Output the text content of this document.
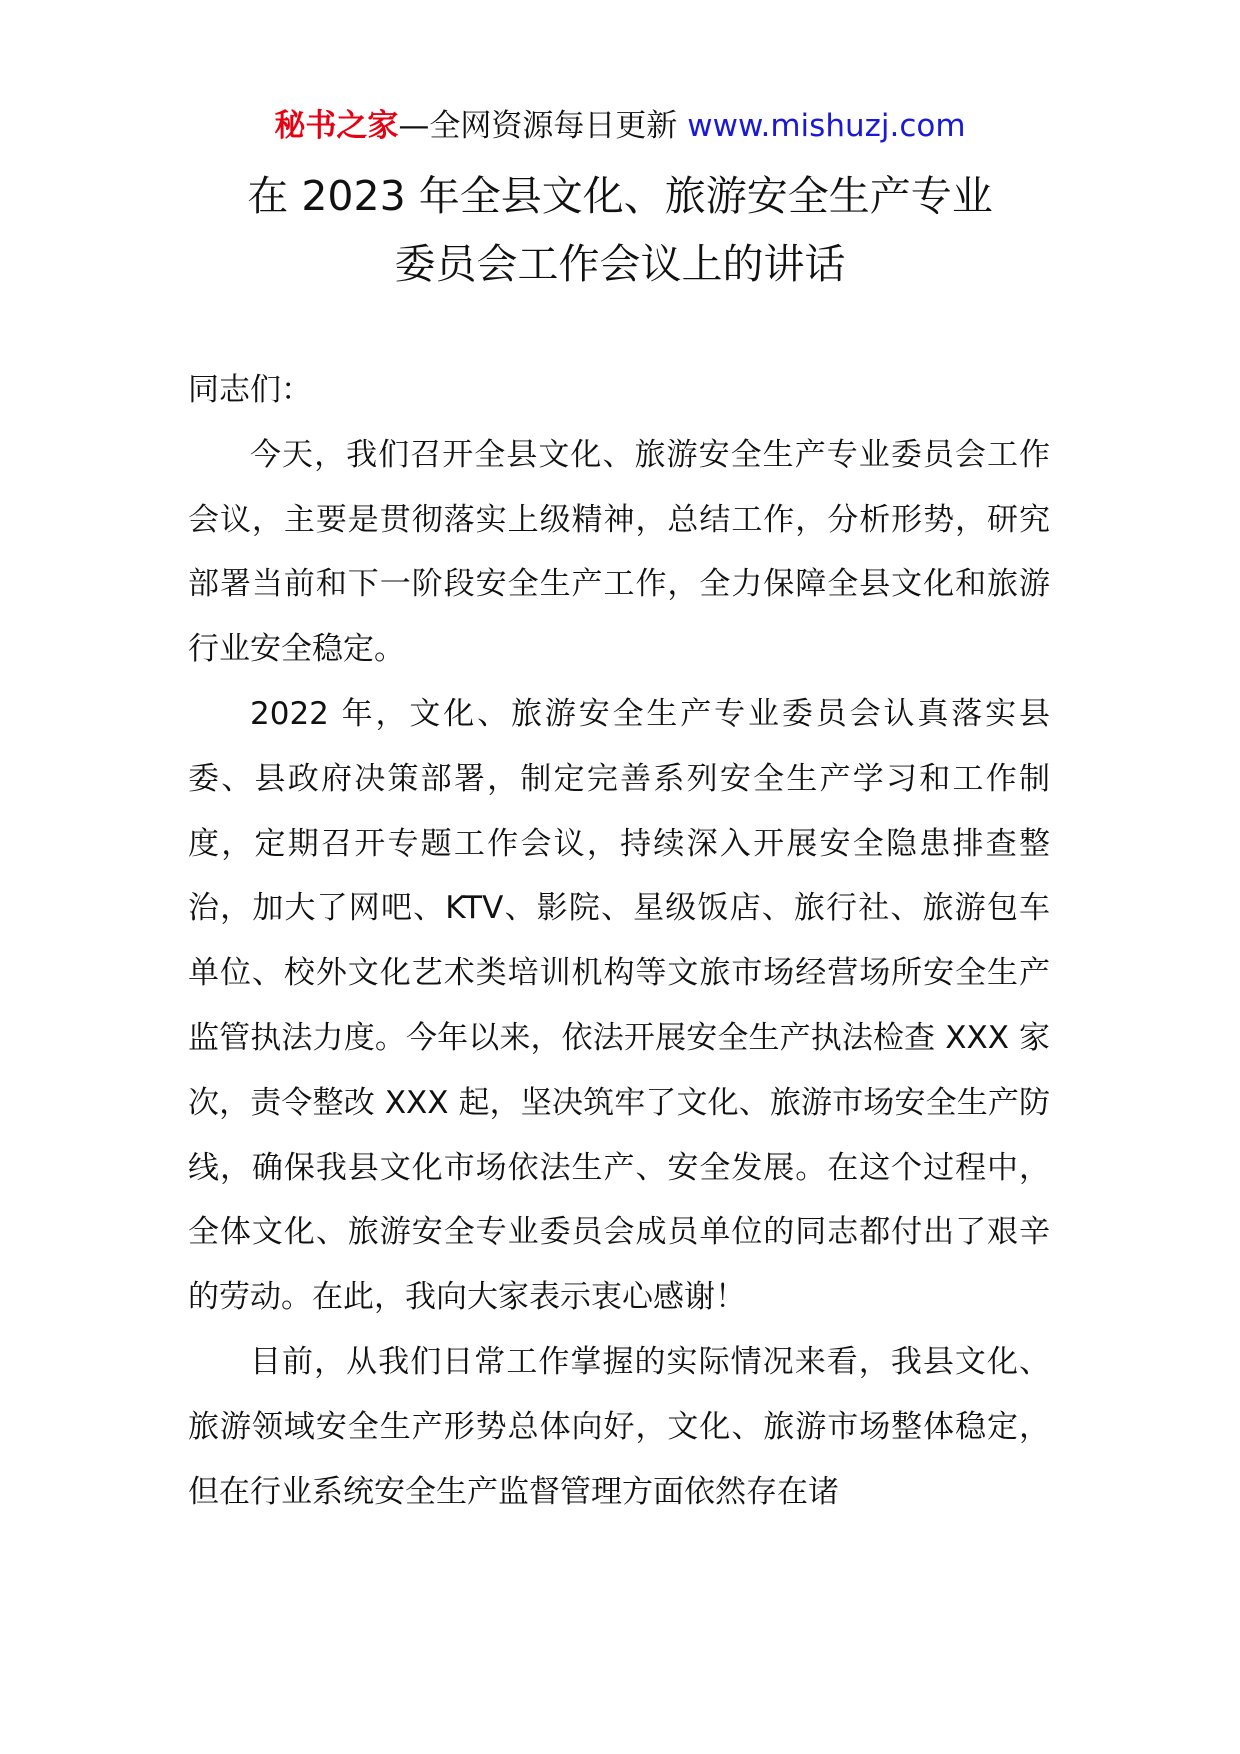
秘书之家—全网资源每日更新 www.mishuzj.com
在 2023 年全县文化、旅游安全生产专业
委员会工作会议上的讲话

同志们：

今天，我们召开全县文化、旅游安全生产专业委员会工作会议，主要是贯彻落实上级精神，总结工作，分析形势，研究部署当前和下一阶段安全生产工作，全力保障全县文化和旅游行业安全稳定。

2022 年，文化、旅游安全生产专业委员会认真落实县委、县政府决策部署，制定完善系列安全生产学习和工作制度，定期召开专题工作会议，持续深入开展安全隐患排查整治，加大了网吧、KTV、影院、星级饭店、旅行社、旅游包车单位、校外文化艺术类培训机构等文旅市场经营场所安全生产监管执法力度。今年以来，依法开展安全生产执法检查 XXX 家次，责令整改 XXX 起，坚决筑牢了文化、旅游市场安全生产防线，确保我县文化市场依法生产、安全发展。在这个过程中，全体文化、旅游安全专业委员会成员单位的同志都付出了艰辛的劳动。在此，我向大家表示衷心感谢！

目前，从我们日常工作掌握的实际情况来看，我县文化、旅游领域安全生产形势总体向好，文化、旅游市场整体稳定，但在行业系统安全生产监督管理方面依然存在诸
